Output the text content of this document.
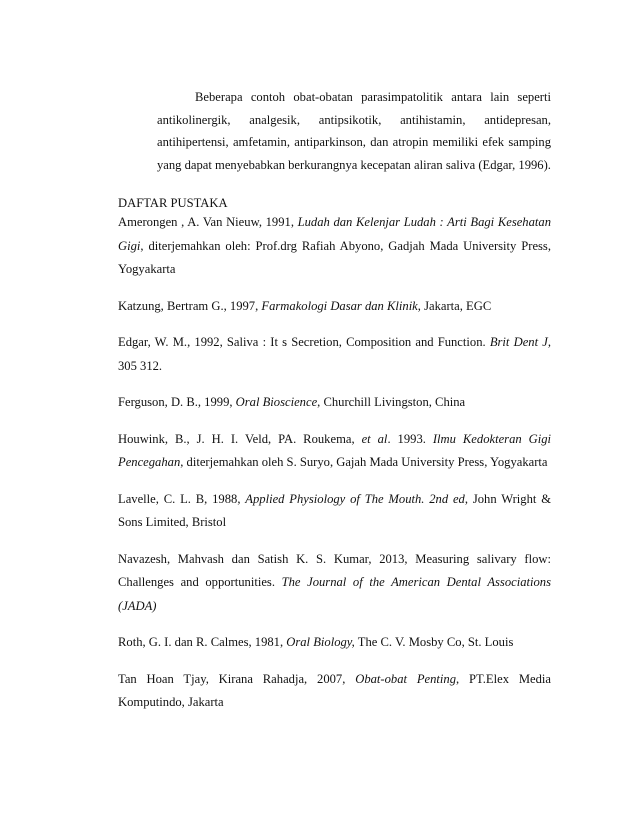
Beberapa contoh obat-obatan parasimpatolitik antara lain seperti antikolinergik, analgesik, antipsikotik, antihistamin, antidepresan, antihipertensi, amfetamin, antiparkinson, dan atropin memiliki efek samping yang dapat menyebabkan berkurangnya kecepatan aliran saliva (Edgar, 1996).

DAFTAR PUSTAKA

Amerongen , A. Van Nieuw, 1991, Ludah dan Kelenjar Ludah : Arti Bagi Kesehatan Gigi, diterjemahkan oleh: Prof.drg Rafiah Abyono, Gadjah Mada University Press, Yogyakarta

Katzung, Bertram G., 1997, Farmakologi Dasar dan Klinik, Jakarta, EGC

Edgar, W. M., 1992, Saliva : It s Secretion, Composition and Function. Brit Dent J, 305 312.

Ferguson, D. B., 1999, Oral Bioscience, Churchill Livingston, China

Houwink, B., J. H. I. Veld, PA. Roukema, et al. 1993. Ilmu Kedokteran Gigi Pencegahan, diterjemahkan oleh S. Suryo, Gajah Mada University Press, Yogyakarta

Lavelle, C. L. B, 1988, Applied Physiology of The Mouth. 2nd ed, John Wright & Sons Limited, Bristol

Navazesh, Mahvash dan Satish K. S. Kumar, 2013, Measuring salivary flow: Challenges and opportunities. The Journal of the American Dental Associations (JADA)

Roth, G. I. dan R. Calmes, 1981, Oral Biology, The C. V. Mosby Co, St. Louis

Tan Hoan Tjay, Kirana Rahadja, 2007, Obat-obat Penting, PT.Elex Media Komputindo, Jakarta
